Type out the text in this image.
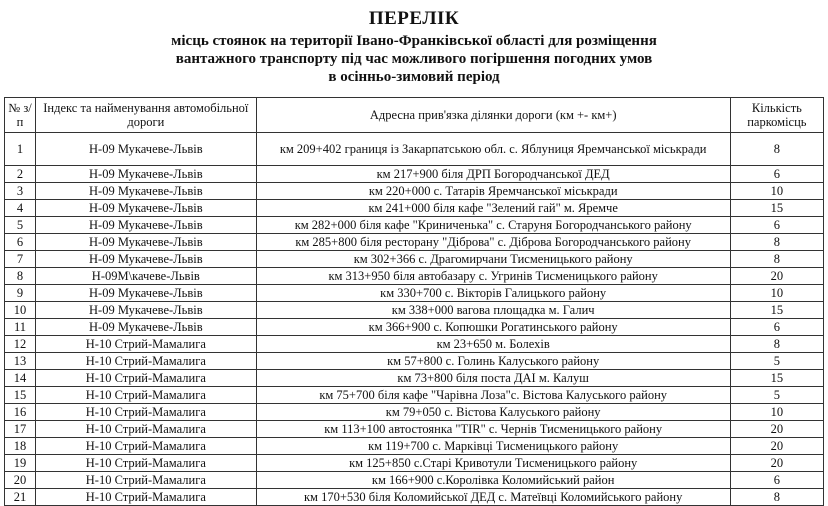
ПЕРЕЛІК
місць стоянок на території Івано-Франківської області для розміщення
вантажного транспорту під час можливого погіршення погодних умов
в осінньо-зимовий період
№ з/п	Індекс та найменування автомобільної дороги	Адресна прив'язка ділянки дороги (км +- км+)	Кількість паркомісць
1	Н-09 Мукачеве-Львів	км 209+402 границя із Закарпатською обл. с. Яблуниця Яремчанської міськради	8
2	Н-09 Мукачеве-Львів	км 217+900 біля ДРП Богородчанської ДЕД	6
3	Н-09 Мукачеве-Львів	км 220+000 с. Татарів Яремчанської міськради	10
4	Н-09 Мукачеве-Львів	км 241+000 біля кафе "Зелений гай" м. Яремче	15
5	Н-09 Мукачеве-Львів	км 282+000 біля кафе "Криниченька" с. Старуня Богородчанського району	6
6	Н-09 Мукачеве-Львів	км 285+800 біля ресторану "Діброва" с. Діброва Богородчанського району	8
7	Н-09 Мукачеве-Львів	км 302+366 с. Драгомирчани Тисменицького району	8
8	Н-09М\качеве-Львів	км 313+950 біля автобазару с. Угринів Тисменицького району	20
9	Н-09 Мукачеве-Львів	км 330+700 с. Вікторів Галицького району	10
10	Н-09 Мукачеве-Львів	км 338+000 вагова площадка м. Галич	15
11	Н-09 Мукачеве-Львів	км 366+900 с. Копюшки Рогатинського району	6
12	Н-10 Стрий-Мамалига	км 23+650 м. Болехів	8
13	Н-10 Стрий-Мамалига	км 57+800 с. Голинь Калуського району	5
14	Н-10 Стрий-Мамалига	км 73+800 біля поста ДАІ м. Калуш	15
15	Н-10 Стрий-Мамалига	км 75+700 біля кафе "Чарівна Лоза"с. Вістова Калуського району	5
16	Н-10 Стрий-Мамалига	км 79+050 с. Вістова Калуського району	10
17	Н-10 Стрий-Мамалига	км 113+100 автостоянка "TIR" с. Чернів Тисменицького району	20
18	Н-10 Стрий-Мамалига	км 119+700 с. Марківці Тисменицького району	20
19	Н-10 Стрий-Мамалига	км 125+850 с.Старі Кривотули Тисменицького району	20
20	Н-10 Стрий-Мамалига	км 166+900 с.Королівка Коломийський район	6
21	Н-10 Стрий-Мамалига	км 170+530 біля Коломийської ДЕД с. Матеївці Коломийського району	8
